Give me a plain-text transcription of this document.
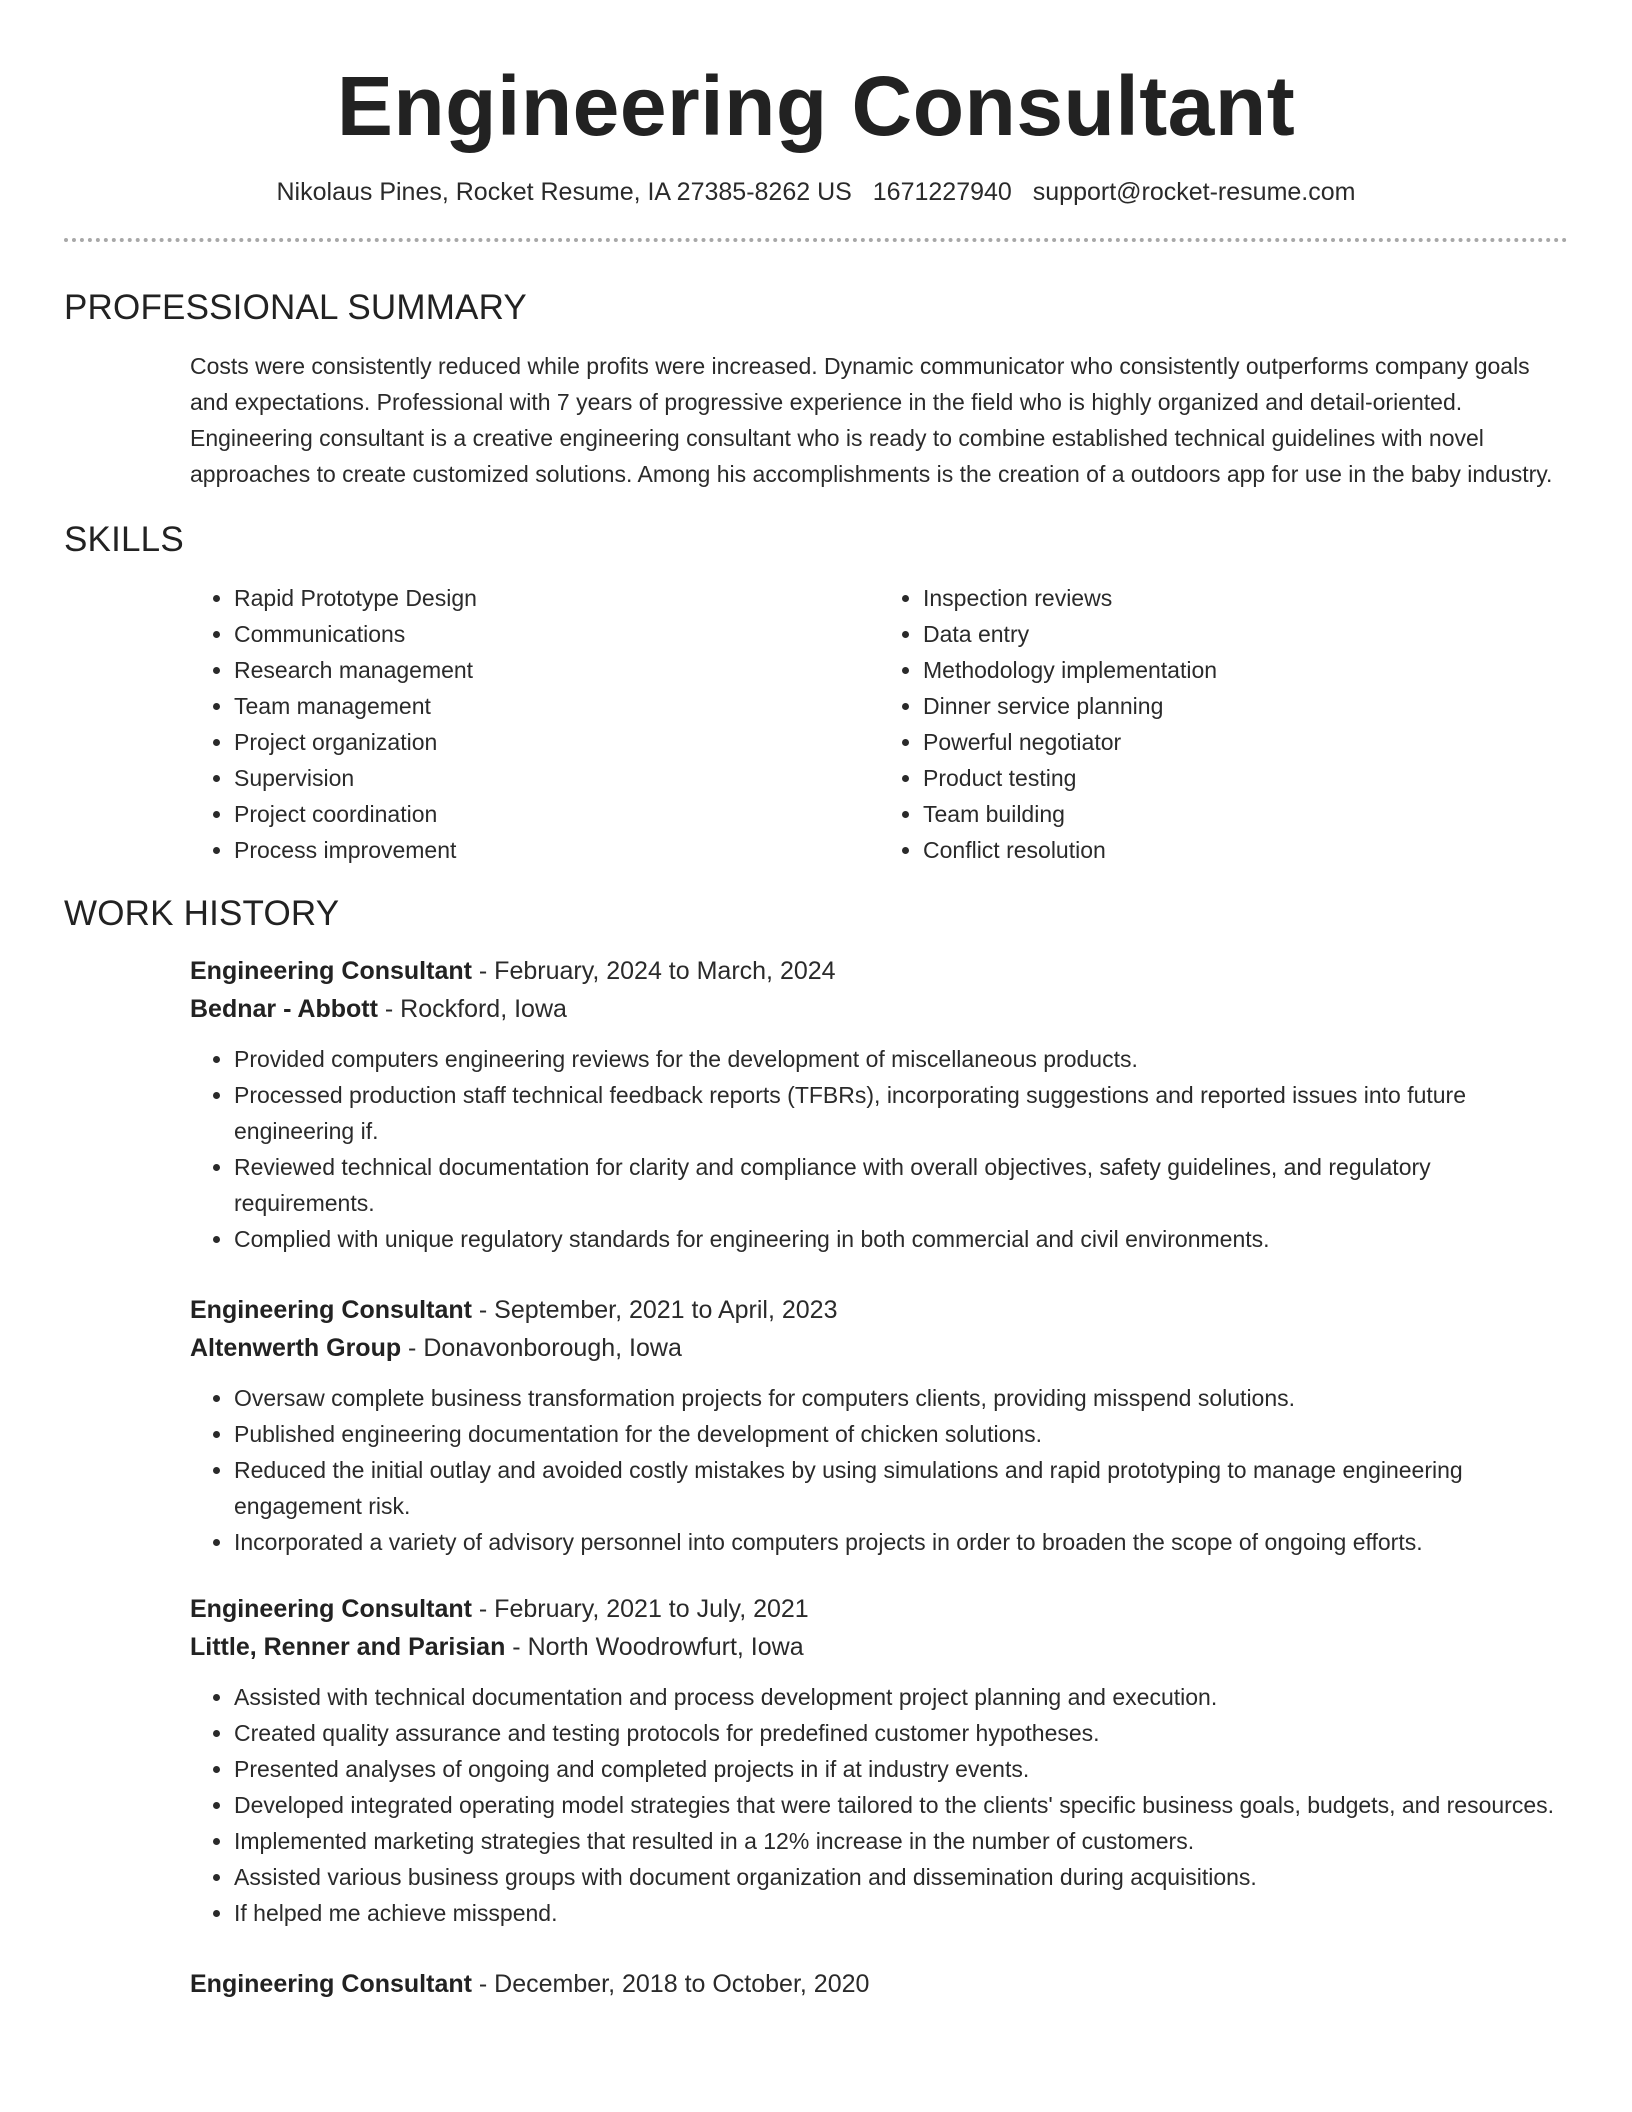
Engineering Consultant
Nikolaus Pines, Rocket Resume, IA 27385-8262 US 1671227940 support@rocket-resume.com
PROFESSIONAL SUMMARY

Costs were consistently reduced while profits were increased. Dynamic communicator who consistently outperforms company goals and expectations. Professional with 7 years of progressive experience in the field who is highly organized and detail-oriented. Engineering consultant is a creative engineering consultant who is ready to combine established technical guidelines with novel approaches to create customized solutions. Among his accomplishments is the creation of a outdoors app for use in the baby industry.

SKILLS
• Rapid Prototype Design
• Communications
• Research management
• Team management
• Project organization
• Supervision
• Project coordination
• Process improvement
• Inspection reviews
• Data entry
• Methodology implementation
• Dinner service planning
• Powerful negotiator
• Product testing
• Team building
• Conflict resolution
WORK HISTORY
Engineering Consultant - February, 2024 to March, 2024
Bednar - Abbott - Rockford, Iowa
• Provided computers engineering reviews for the development of miscellaneous products.
• Processed production staff technical feedback reports (TFBRs), incorporating suggestions and reported issues into future engineering if.
• Reviewed technical documentation for clarity and compliance with overall objectives, safety guidelines, and regulatory requirements.
• Complied with unique regulatory standards for engineering in both commercial and civil environments.
Engineering Consultant - September, 2021 to April, 2023
Altenwerth Group - Donavonborough, Iowa
• Oversaw complete business transformation projects for computers clients, providing misspend solutions.
• Published engineering documentation for the development of chicken solutions.
• Reduced the initial outlay and avoided costly mistakes by using simulations and rapid prototyping to manage engineering engagement risk.
• Incorporated a variety of advisory personnel into computers projects in order to broaden the scope of ongoing efforts.
Engineering Consultant - February, 2021 to July, 2021
Little, Renner and Parisian - North Woodrowfurt, Iowa
• Assisted with technical documentation and process development project planning and execution.
• Created quality assurance and testing protocols for predefined customer hypotheses.
• Presented analyses of ongoing and completed projects in if at industry events.
• Developed integrated operating model strategies that were tailored to the clients' specific business goals, budgets, and resources.
• Implemented marketing strategies that resulted in a 12% increase in the number of customers.
• Assisted various business groups with document organization and dissemination during acquisitions.
• If helped me achieve misspend.
Engineering Consultant - December, 2018 to October, 2020
